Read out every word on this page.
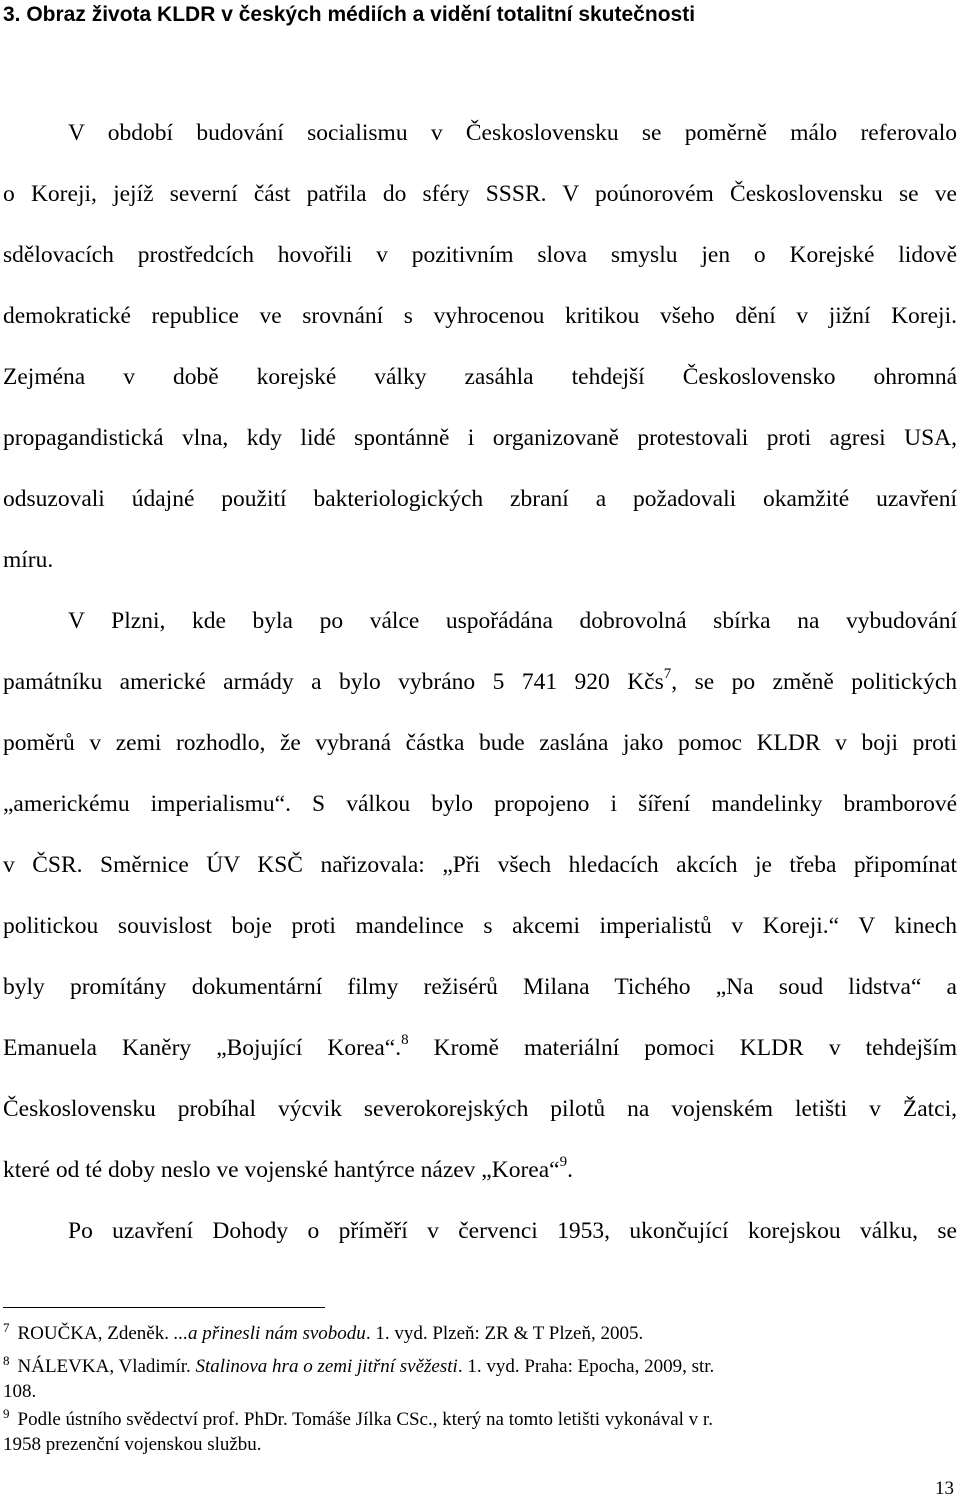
3. Obraz života KLDR v českých médiích a vidění totalitní skutečnosti
V období budování socialismu v Československu se poměrně málo referovalo
o Koreji, jejíž severní část patřila do sféry SSSR. V poúnorovém Československu se ve
sdělovacích prostředcích hovořili v pozitivním slova smyslu jen o Korejské lidově
demokratické republice ve srovnání s vyhrocenou kritikou všeho dění v jižní Koreji.
Zejména v době korejské války zasáhla tehdejší Československo ohromná
propagandistická vlna, kdy lidé spontánně i organizovaně protestovali proti agresi USA,
odsuzovali údajné použití bakteriologických zbraní a požadovali okamžité uzavření
míru.
V Plzni, kde byla po válce uspořádána dobrovolná sbírka na vybudování
památníku americké armády a bylo vybráno 5 741 920 Kčs$^7$, se po změně politických
poměrů v zemi rozhodlo, že vybraná částka bude zaslána jako pomoc KLDR v boji proti
„americkému imperialismu“. S válkou bylo propojeno i šíření mandelinky bramborové
v ČSR. Směrnice ÚV KSČ nařizovala: „Při všech hledacích akcích je třeba připomínat
politickou souvislost boje proti mandelince s akcemi imperialistů v Koreji.“ V kinech
byly promítány dokumentární filmy režisérů Milana Tichého „Na soud lidstva“ a
Emanuela Kaněry „Bojující Korea“.$^8$ Kromě materiální pomoci KLDR v tehdejším
Československu probíhal výcvik severokorejských pilotů na vojenském letišti v Žatci,
které od té doby neslo ve vojenské hantýrce název „Korea“$^9$.
Po uzavření Dohody o příměří v červenci 1953, ukončující korejskou válku, se
$^7$ ROUČKA, Zdeněk. ...a přinesli nám svobodu. 1. vyd. Plzeň: ZR & T Plzeň, 2005.
$^8$ NÁLEVKA, Vladimír. Stalinova hra o zemi jitřní svěžesti. 1. vyd. Praha: Epocha, 2009, str.
108.
$^9$ Podle ústního svědectví prof. PhDr. Tomáše Jílka CSc., který na tomto letišti vykonával v r.
1958 prezenční vojenskou službu.
13
